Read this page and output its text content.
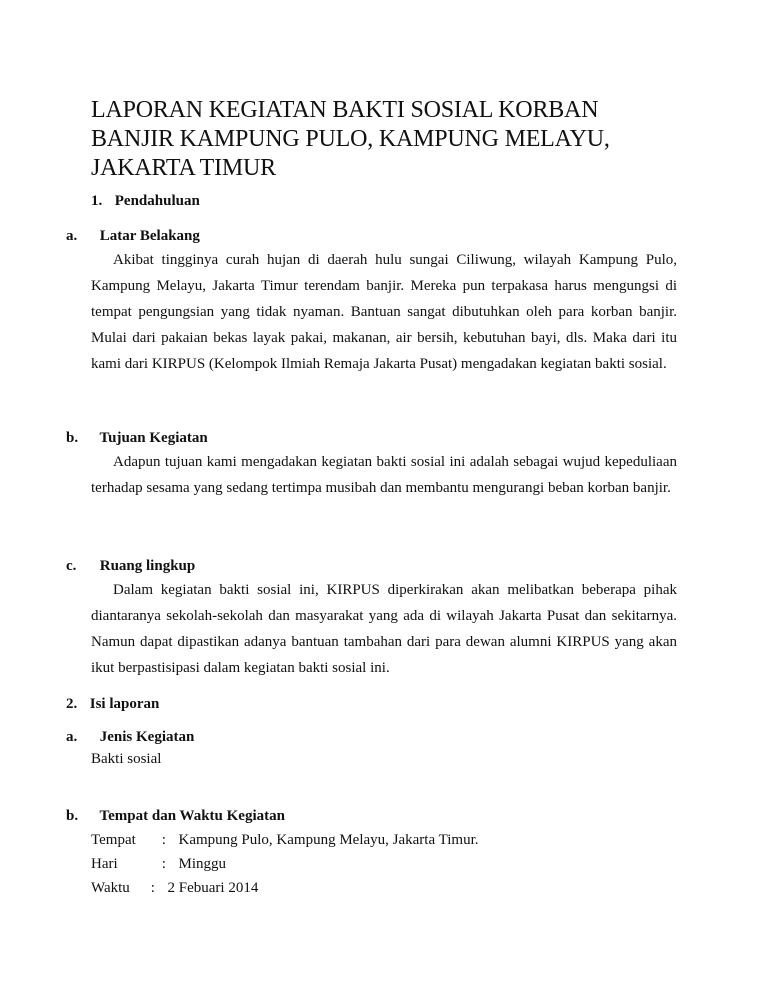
LAPORAN KEGIATAN BAKTI SOSIAL KORBAN
BANJIR KAMPUNG PULO, KAMPUNG MELAYU,
JAKARTA TIMUR
1. Pendahuluan
a. Latar Belakang

Akibat tingginya curah hujan di daerah hulu sungai Ciliwung, wilayah Kampung Pulo, Kampung Melayu, Jakarta Timur terendam banjir. Mereka pun terpakasa harus mengungsi di tempat pengungsian yang tidak nyaman. Bantuan sangat dibutuhkan oleh para korban banjir. Mulai dari pakaian bekas layak pakai, makanan, air bersih, kebutuhan bayi, dls. Maka dari itu kami dari KIRPUS (Kelompok Ilmiah Remaja Jakarta Pusat) mengadakan kegiatan bakti sosial.

b. Tujuan Kegiatan

Adapun tujuan kami mengadakan kegiatan bakti sosial ini adalah sebagai wujud kepeduliaan terhadap sesama yang sedang tertimpa musibah dan membantu mengurangi beban korban banjir.

c. Ruang lingkup

Dalam kegiatan bakti sosial ini, KIRPUS diperkirakan akan melibatkan beberapa pihak diantaranya sekolah-sekolah dan masyarakat yang ada di wilayah Jakarta Pusat dan sekitarnya. Namun dapat dipastikan adanya bantuan tambahan dari para dewan alumni KIRPUS yang akan ikut berpastisipasi dalam kegiatan bakti sosial ini.

2. Isi laporan
a. Jenis Kegiatan
Bakti sosial
b. Tempat dan Waktu Kegiatan
Tempat : Kampung Pulo, Kampung Melayu, Jakarta Timur.
Hari	: Minggu
Waktu : 2 Febuari 2014
